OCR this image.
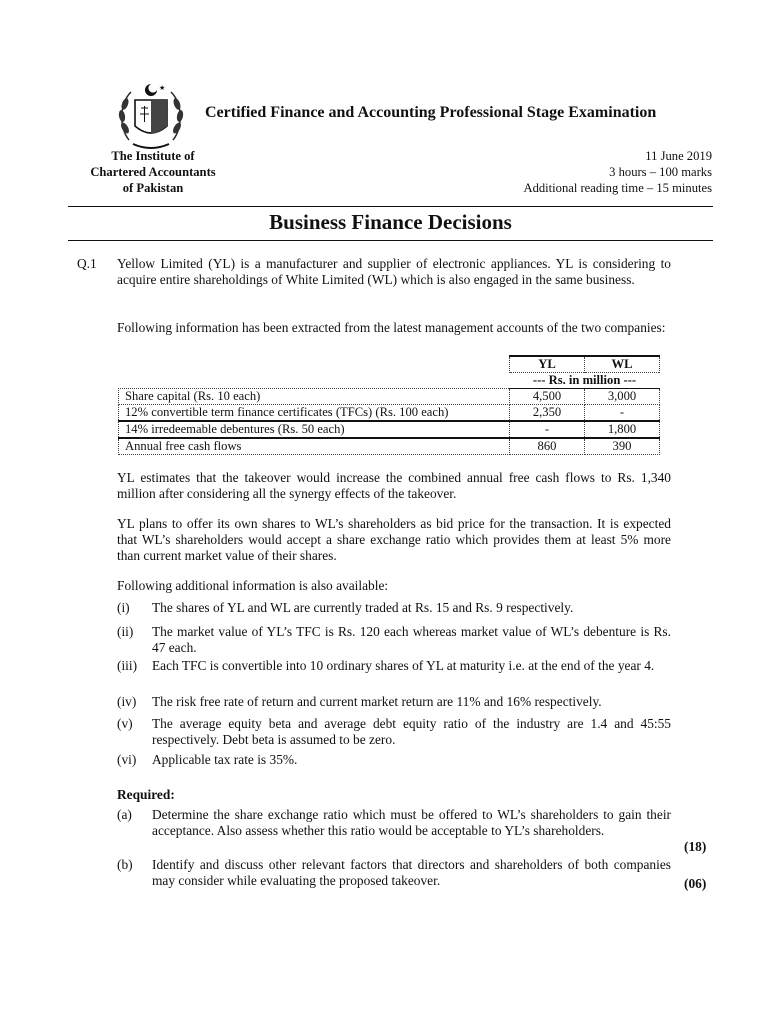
★
Certified Finance and Accounting Professional Stage Examination
The Institute of
Chartered Accountants
of Pakistan
11 June 2019
3 hours – 100 marks
Additional reading time – 15 minutes
Business Finance Decisions
Q.1 Yellow Limited (YL) is a manufacturer and supplier of electronic appliances. YL is considering to acquire entire shareholdings of White Limited (WL) which is also engaged in the same business.
Following information has been extracted from the latest management accounts of the two companies:
	YL	WL
	--- Rs. in million ---	
Share capital (Rs. 10 each)	4,500	3,000
12% convertible term finance certificates (TFCs) (Rs. 100 each)	2,350	-
14% irredeemable debentures (Rs. 50 each)	-	1,800
Annual free cash flows	860	390
YL estimates that the takeover would increase the combined annual free cash flows to Rs. 1,340 million after considering all the synergy effects of the takeover.
YL plans to offer its own shares to WL’s shareholders as bid price for the transaction. It is expected that WL’s shareholders would accept a share exchange ratio which provides them at least 5% more than current market value of their shares.
Following additional information is also available:
(i)	The shares of YL and WL are currently traded at Rs. 15 and Rs. 9 respectively.
(ii)	The market value of YL’s TFC is Rs. 120 each whereas market value of WL’s debenture is Rs. 47 each.
(iii)	Each TFC is convertible into 10 ordinary shares of YL at maturity i.e. at the end of the year 4.
(iv)	The risk free rate of return and current market return are 11% and 16% respectively.
(v)	The average equity beta and average debt equity ratio of the industry are 1.4 and 45:55 respectively. Debt beta is assumed to be zero.
(vi)	Applicable tax rate is 35%.
Required:
(a)	Determine the share exchange ratio which must be offered to WL’s shareholders to gain their acceptance. Also assess whether this ratio would be acceptable to YL’s shareholders.
(18)
(b)	Identify and discuss other relevant factors that directors and shareholders of both companies may consider while evaluating the proposed takeover.	(06)
